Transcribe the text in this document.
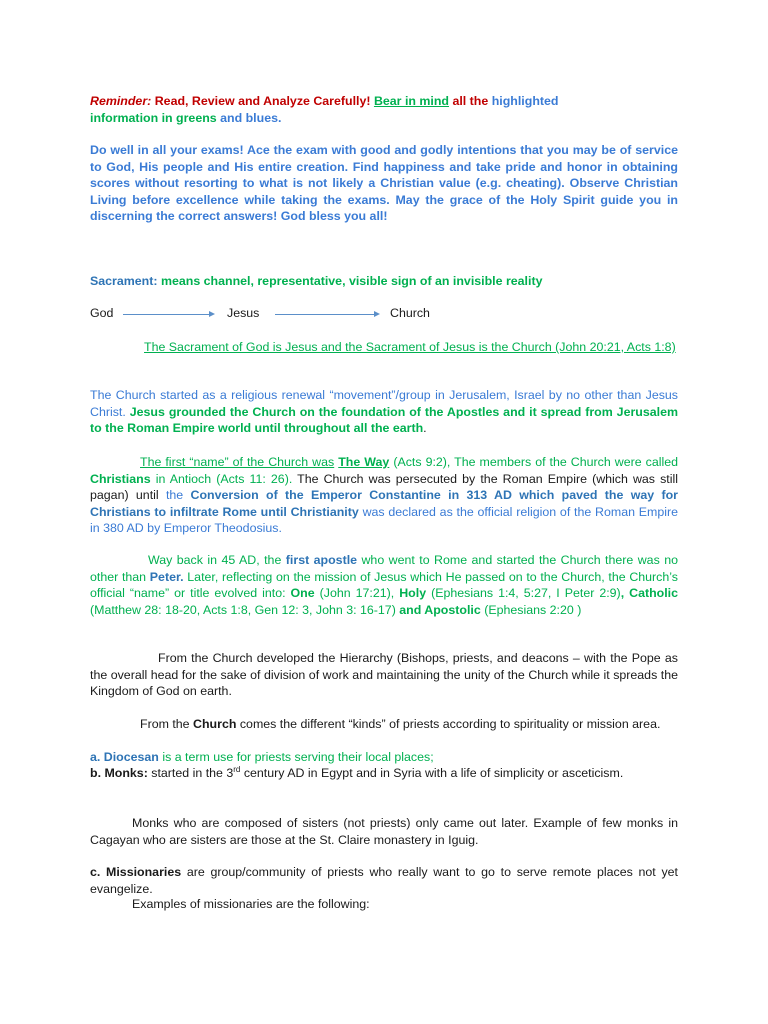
Reminder: Read, Review and Analyze Carefully! Bear in mind all the highlighted
information in greens and blues.

Do well in all your exams! Ace the exam with good and godly intentions that you may be of service to God, His people and His entire creation. Find happiness and take pride and honor in obtaining scores without resorting to what is not likely a Christian value (e.g. cheating). Observe Christian Living before excellence while taking the exams. May the grace of the Holy Spirit guide you in discerning the correct answers! God bless you all!

Sacrament: means channel, representative, visible sign of an invisible reality

God	Jesus	Church

The Sacrament of God is Jesus and the Sacrament of Jesus is the Church (John 20:21, Acts 1:8)

The Church started as a religious renewal “movement”/group in Jerusalem, Israel by no other than Jesus Christ. Jesus grounded the Church on the foundation of the Apostles and it spread from Jerusalem to the Roman Empire world until throughout all the earth.

The first “name” of the Church was The Way (Acts 9:2), The members of the Church were called Christians in Antioch (Acts 11: 26). The Church was persecuted by the Roman Empire (which was still pagan) until the Conversion of the Emperor Constantine in 313 AD which paved the way for Christians to infiltrate Rome until Christianity was declared as the official religion of the Roman Empire in 380 AD by Emperor Theodosius.

Way back in 45 AD, the first apostle who went to Rome and started the Church there was no other than Peter. Later, reflecting on the mission of Jesus which He passed on to the Church, the Church’s official “name” or title evolved into: One (John 17:21), Holy (Ephesians 1:4, 5:27, I Peter 2:9), Catholic (Matthew 28: 18-20, Acts 1:8, Gen 12: 3, John 3: 16-17) and Apostolic (Ephesians 2:20 )

From the Church developed the Hierarchy (Bishops, priests, and deacons – with the Pope as the overall head for the sake of division of work and maintaining the unity of the Church while it spreads the Kingdom of God on earth.

From the Church comes the different “kinds” of priests according to spirituality or mission area.

a. Diocesan is a term use for priests serving their local places;

b. Monks: started in the 3rd century AD in Egypt and in Syria with a life of simplicity or asceticism.

Monks who are composed of sisters (not priests) only came out later. Example of few monks in Cagayan who are sisters are those at the St. Claire monastery in Iguig.

c. Missionaries are group/community of priests who really want to go to serve remote places not yet evangelize.

Examples of missionaries are the following:
